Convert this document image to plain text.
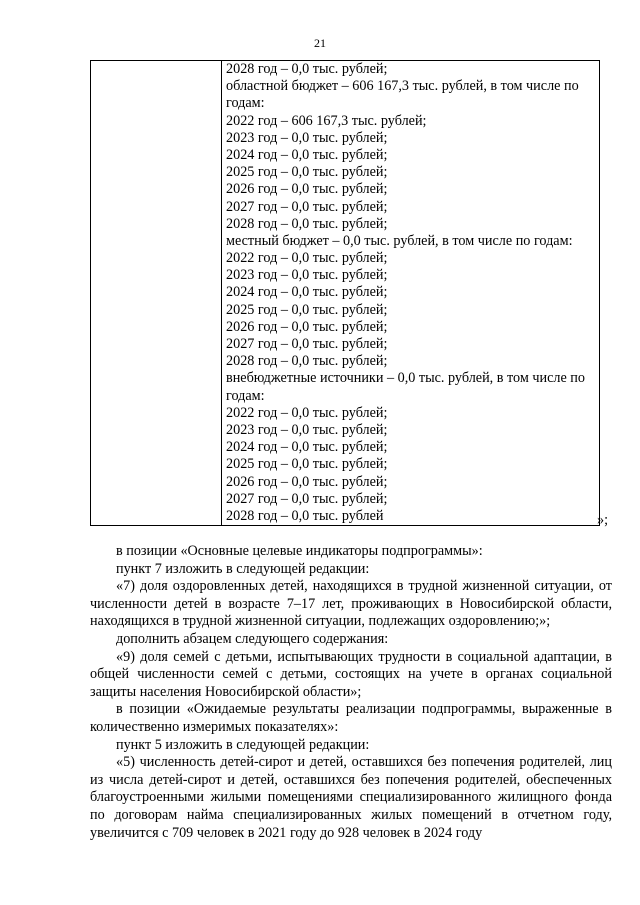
21

2028 год – 0,0 тыс. рублей;
областной бюджет – 606 167,3 тыс. рублей, в том числе по годам:
2022 год – 606 167,3 тыс. рублей;
2023 год – 0,0 тыс. рублей;
2024 год – 0,0 тыс. рублей;
2025 год – 0,0 тыс. рублей;
2026 год – 0,0 тыс. рублей;
2027 год – 0,0 тыс. рублей;
2028 год – 0,0 тыс. рублей;
местный бюджет – 0,0 тыс. рублей, в том числе по годам:
2022 год – 0,0 тыс. рублей;
2023 год – 0,0 тыс. рублей;
2024 год – 0,0 тыс. рублей;
2025 год – 0,0 тыс. рублей;
2026 год – 0,0 тыс. рублей;
2027 год – 0,0 тыс. рублей;
2028 год – 0,0 тыс. рублей;
внебюджетные источники – 0,0 тыс. рублей, в том числе по годам:
2022 год – 0,0 тыс. рублей;
2023 год – 0,0 тыс. рублей;
2024 год – 0,0 тыс. рублей;
2025 год – 0,0 тыс. рублей;
2026 год – 0,0 тыс. рублей;
2027 год – 0,0 тыс. рублей;
2028 год – 0,0 тыс. рублей	»;

в позиции «Основные целевые индикаторы подпрограммы»:

пункт 7 изложить в следующей редакции:

«7) доля оздоровленных детей, находящихся в трудной жизненной ситуации, от численности детей в возрасте 7–17 лет, проживающих в Новосибирской области, находящихся в трудной жизненной ситуации, подлежащих оздоровлению;»;

дополнить абзацем следующего содержания:

«9) доля семей с детьми, испытывающих трудности в социальной адаптации, в общей численности семей с детьми, состоящих на учете в органах социальной защиты населения Новосибирской области»;

в позиции «Ожидаемые результаты реализации подпрограммы, выраженные в количественно измеримых показателях»:

пункт 5 изложить в следующей редакции:

«5) численность детей-сирот и детей, оставшихся без попечения родителей, лиц из числа детей-сирот и детей, оставшихся без попечения родителей, обеспеченных благоустроенными жилыми помещениями специализированного жилищного фонда по договорам найма специализированных жилых помещений в отчетном году, увеличится с 709 человек в 2021 году до 928 человек в 2024 году
